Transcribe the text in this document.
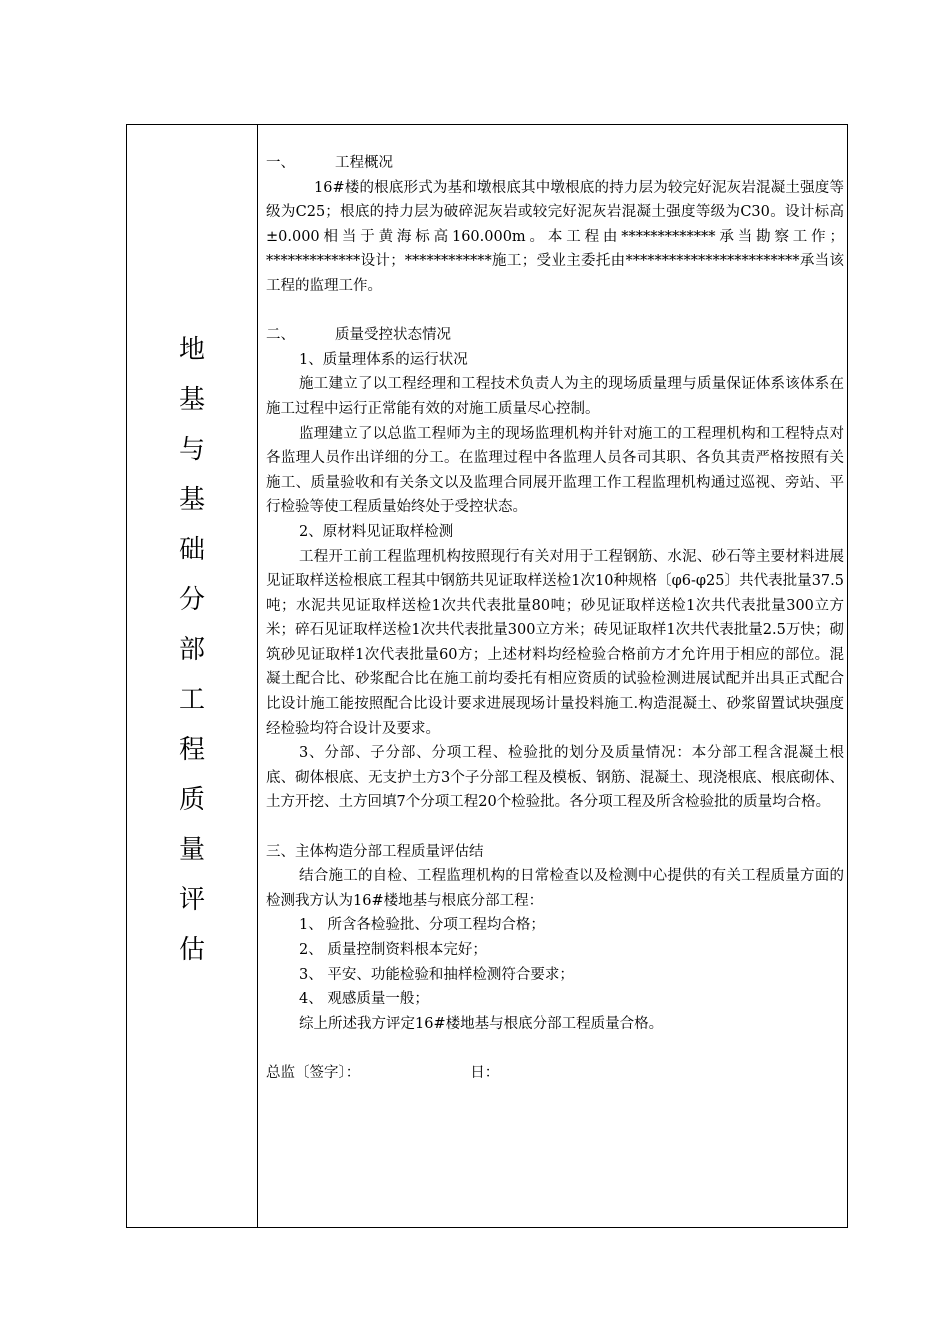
地
基
与
基
础
分
部
工
程
质
量
评
估

一、	工程概况

16#楼的根底形式为基和墩根底其中墩根底的持力层为较完好泥灰岩混凝土强度等级为C25；根底的持力层为破碎泥灰岩或较完好泥灰岩混凝土强度等级为C30。设计标高±0.000相当于黄海标高160.000m。本工程由*************承当勘察工作；*************设计；************施工；受业主委托由************************承当该工程的监理工作。

二、	质量受控状态情况

1、质量理体系的运行状况

施工建立了以工程经理和工程技术负责人为主的现场质量理与质量保证体系该体系在施工过程中运行正常能有效的对施工质量尽心控制。

监理建立了以总监工程师为主的现场监理机构并针对施工的工程理机构和工程特点对各监理人员作出详细的分工。在监理过程中各监理人员各司其职、各负其责严格按照有关施工、质量验收和有关条文以及监理合同展开监理工作工程监理机构通过巡视、旁站、平行检验等使工程质量始终处于受控状态。

2、原材料见证取样检测

工程开工前工程监理机构按照现行有关对用于工程钢筋、水泥、砂石等主要材料进展见证取样送检根底工程其中钢筋共见证取样送检1次10种规格〔φ6-φ25〕共代表批量37.5吨；水泥共见证取样送检1次共代表批量80吨；砂见证取样送检1次共代表批量300立方米；碎石见证取样送检1次共代表批量300立方米；砖见证取样1次共代表批量2.5万快；砌筑砂见证取样1次代表批量60方；上述材料均经检验合格前方才允许用于相应的部位。混凝土配合比、砂浆配合比在施工前均委托有相应资质的试验检测进展试配并出具正式配合比设计施工能按照配合比设计要求进展现场计量投料施工.构造混凝土、砂浆留置试块强度经检验均符合设计及要求。

3、分部、子分部、分项工程、检验批的划分及质量情况：本分部工程含混凝土根底、砌体根底、无支护土方3个子分部工程及模板、钢筋、混凝土、现浇根底、根底砌体、土方开挖、土方回填7个分项工程20个检验批。各分项工程及所含检验批的质量均合格。

三、主体构造分部工程质量评估结

结合施工的自检、工程监理机构的日常检查以及检测中心提供的有关工程质量方面的检测我方认为16#楼地基与根底分部工程：

1、 所含各检验批、分项工程均合格；

2、 质量控制资料根本完好；

3、 平安、功能检验和抽样检测符合要求；

4、 观感质量一般；

综上所述我方评定16#楼地基与根底分部工程质量合格。

总监〔签字〕：	日：
